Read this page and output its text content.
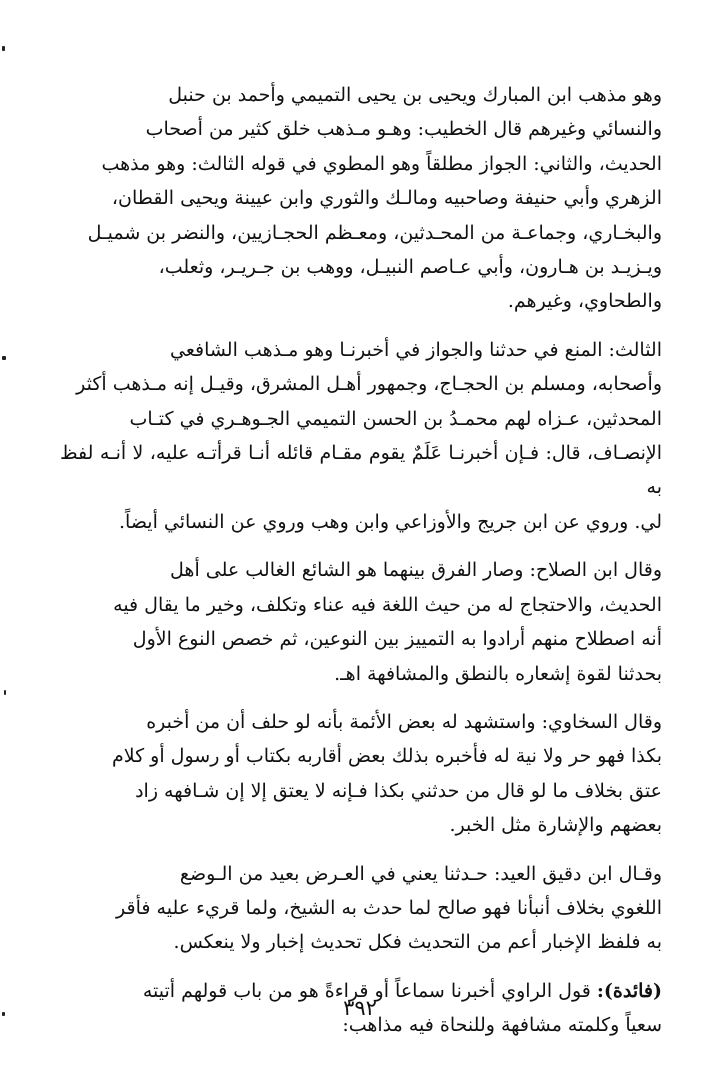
وهو مذهب ابن المبارك ويحيى بن يحيى التميمي وأحمد بن حنبل
والنسائي وغيرهم قال الخطيب: وهـو مـذهب خلق كثير من أصحاب
الحديث، والثاني: الجواز مطلقاً وهو المطوي في قوله الثالث: وهو مذهب
الزهري وأبي حنيفة وصاحبيه ومالـك والثوري وابن عيينة ويحيى القطان،
والبخـاري، وجماعـة من المحـدثين، ومعـظم الحجـازيين، والنضر بن شميـل
ويـزيـد بن هـارون، وأبي عـاصم النبيـل، ووهب بن جـريـر، وثعلب،
والطحاوي، وغيرهم.

الثالث: المنع في حدثنا والجواز في أخبرنـا وهو مـذهب الشافعي
وأصحابه، ومسلم بن الحجـاج، وجمهور أهـل المشرق، وقيـل إنه مـذهب أكثر
المحدثين، عـزاه لهم محمـدُ بن الحسن التميمي الجـوهـري في كتـاب
الإنصـاف، قال: فـإن أخبرنـا عَلَمٌ يقوم مقـام قائله أنـا قرأتـه عليه، لا أنـه لفظ به
لي. وروي عن ابن جريج والأوزاعي وابن وهب وروي عن النسائي أيضاً.

وقال ابن الصلاح: وصار الفرق بينهما هو الشائع الغالب على أهل
الحديث، والاحتجاج له من حيث اللغة فيه عناء وتكلف، وخير ما يقال فيه
أنه اصطلاح منهم أرادوا به التمييز بين النوعين، ثم خصص النوع الأول
بحدثنا لقوة إشعاره بالنطق والمشافهة اهـ.

وقال السخاوي: واستشهد له بعض الأئمة بأنه لو حلف أن من أخبره
بكذا فهو حر ولا نية له فأخبره بذلك بعض أقاربه بكتاب أو رسول أو كلام
عتق بخلاف ما لو قال من حدثني بكذا فـإنه لا يعتق إلا إن شـافهه زاد
بعضهم والإشارة مثل الخبر.

وقـال ابن دقيق العيد: حـدثنا يعني في العـرض بعيد من الـوضع
اللغوي بخلاف أنبأنا فهو صالح لما حدث به الشيخ، ولما قريء عليه فأقر
به فلفظ الإخبار أعم من التحديث فكل تحديث إخبار ولا ينعكس.

(فائدة): قول الراوي أخبرنا سماعاً أو قراءةً هو من باب قولهم أتيته
سعياً وكلمته مشافهة وللنحاة فيه مذاهب:

٣٩٢
